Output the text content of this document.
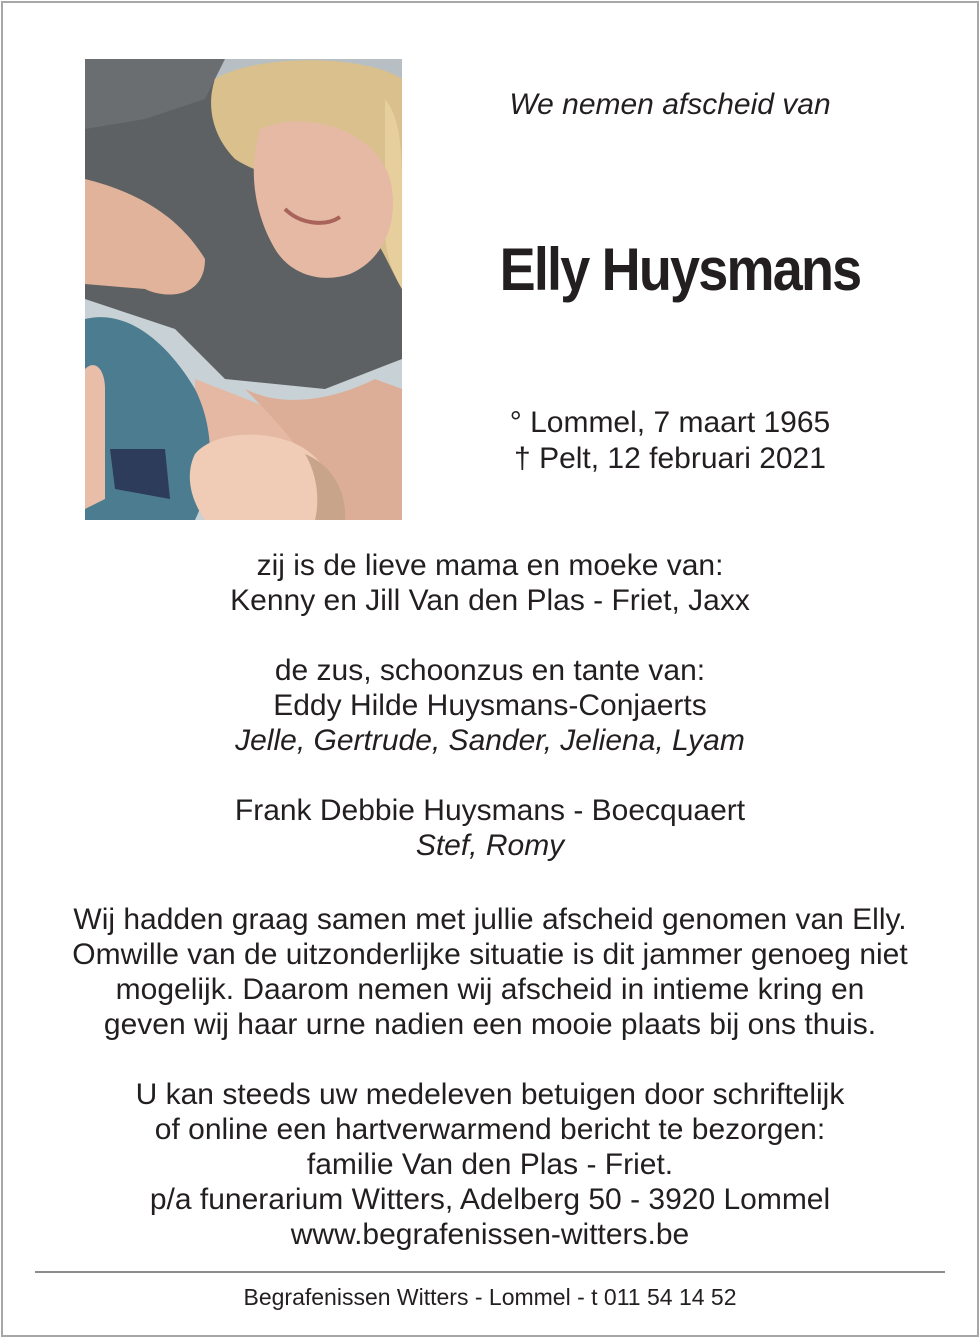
We nemen afscheid van
Elly Huysmans
° Lommel, 7 maart 1965
† Pelt, 12 februari 2021
zij is de lieve mama en moeke van:
Kenny en Jill Van den Plas - Friet, Jaxx
de zus, schoonzus en tante van:
Eddy Hilde Huysmans-Conjaerts
Jelle, Gertrude, Sander, Jeliena, Lyam
Frank Debbie Huysmans - Boecquaert
Stef, Romy
Wij hadden graag samen met jullie afscheid genomen van Elly.
Omwille van de uitzonderlijke situatie is dit jammer genoeg niet
mogelijk. Daarom nemen wij afscheid in intieme kring en
geven wij haar urne nadien een mooie plaats bij ons thuis.
U kan steeds uw medeleven betuigen door schriftelijk
of online een hartverwarmend bericht te bezorgen:
familie Van den Plas - Friet.
p/a funerarium Witters, Adelberg 50 - 3920 Lommel
www.begrafenissen-witters.be
Begrafenissen Witters - Lommel - t 011 54 14 52
